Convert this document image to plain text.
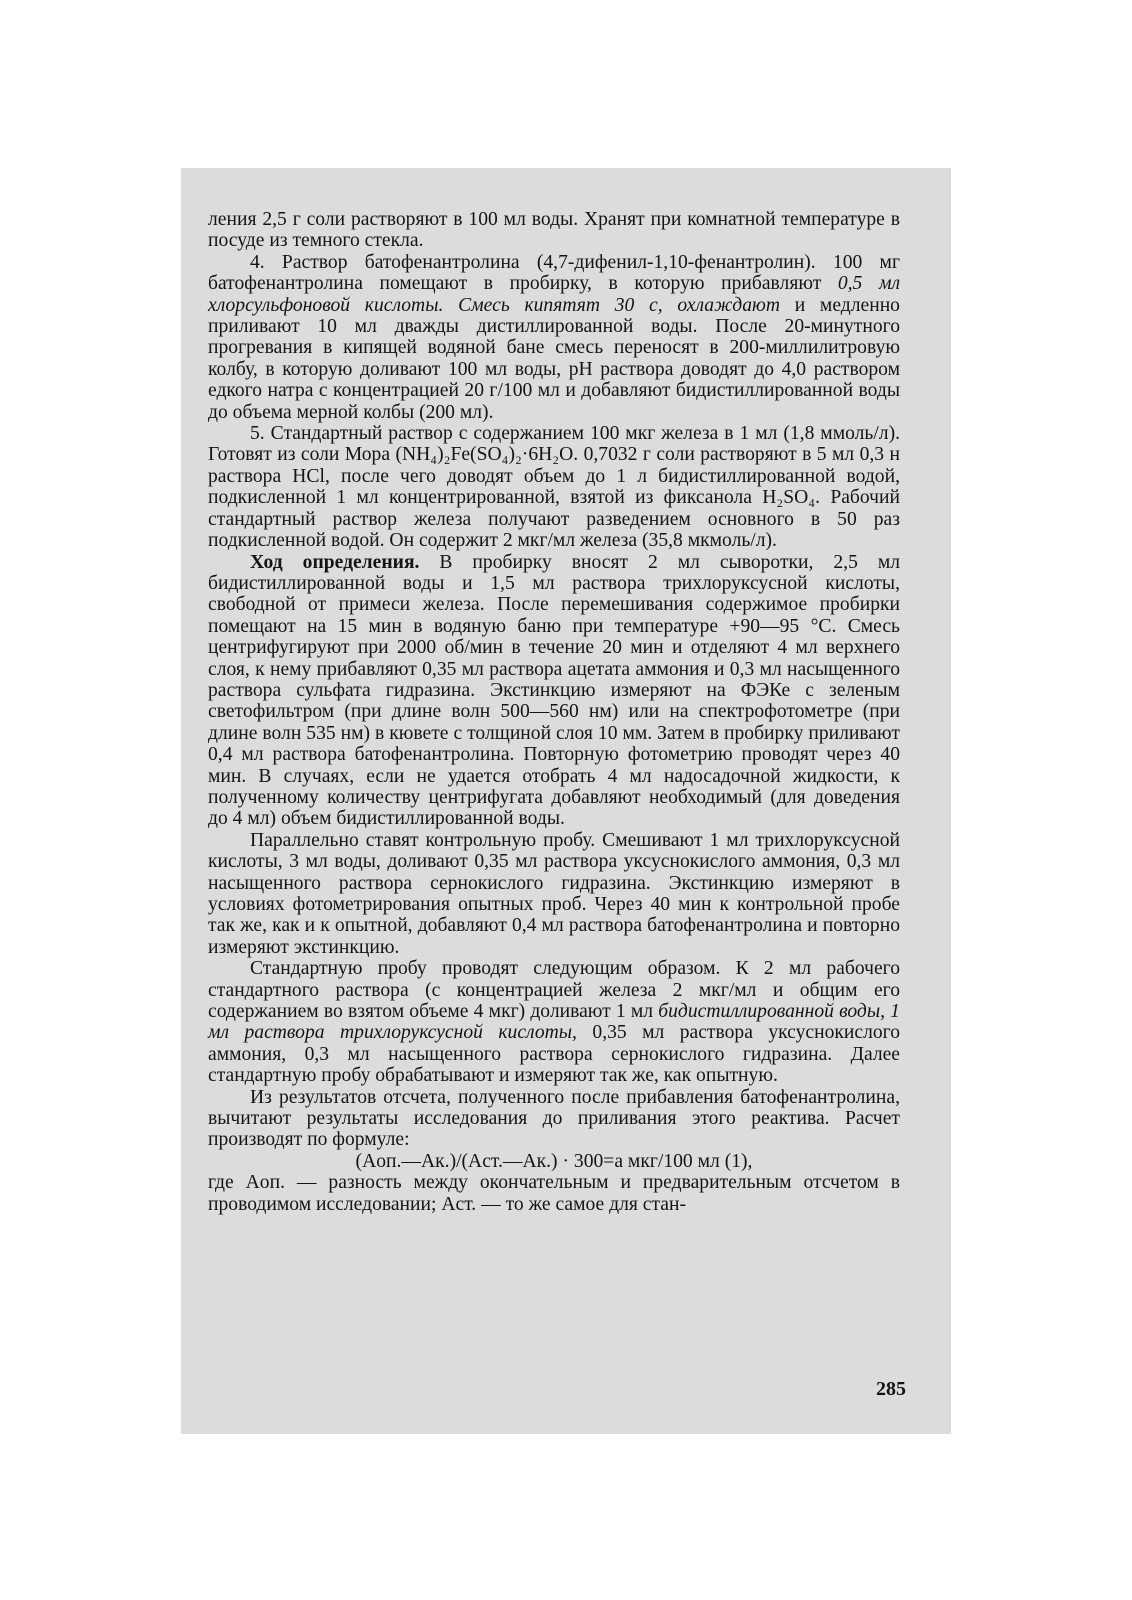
ления 2,5 г соли растворяют в 100 мл воды. Хранят при комнатной температуре в посуде из темного стекла.

4. Раствор батофенантролина (4,7-дифенил-1,10-фенантролин). 100 мг батофенантролина помещают в пробирку, в которую прибавляют 0,5 мл хлорсульфоновой кислоты. Смесь кипятят 30 с, охлаждают и медленно приливают 10 мл дважды дистиллированной воды. После 20-минутного прогревания в кипящей водяной бане смесь переносят в 200-миллилитровую колбу, в которую доливают 100 мл воды, рН раствора доводят до 4,0 раствором едкого натра с концентрацией 20 г/100 мл и добавляют бидистиллированной воды до объема мерной колбы (200 мл).

5. Стандартный раствор с содержанием 100 мкг железа в 1 мл (1,8 ммоль/л). Готовят из соли Мора (NH₄)₂Fe(SO₄)₂·6H₂O. 0,7032 г соли растворяют в 5 мл 0,3 н раствора HCl, после чего доводят объем до 1 л бидистиллированной водой, подкисленной 1 мл концентрированной, взятой из фиксанола H₂SO₄. Рабочий стандартный раствор железа получают разведением основного в 50 раз подкисленной водой. Он содержит 2 мкг/мл железа (35,8 мкмоль/л).

Ход определения. В пробирку вносят 2 мл сыворотки, 2,5 мл бидистиллированной воды и 1,5 мл раствора трихлоруксусной кислоты, свободной от примеси железа. После перемешивания содержимое пробирки помещают на 15 мин в водяную баню при температуре +90—95 °С. Смесь центрифугируют при 2000 об/мин в течение 20 мин и отделяют 4 мл верхнего слоя, к нему прибавляют 0,35 мл раствора ацетата аммония и 0,3 мл насыщенного раствора сульфата гидразина. Экстинкцию измеряют на ФЭКе с зеленым светофильтром (при длине волн 500—560 нм) или на спектрофотометре (при длине волн 535 нм) в кювете с толщиной слоя 10 мм. Затем в пробирку приливают 0,4 мл раствора батофенантролина. Повторную фотометрию проводят через 40 мин. В случаях, если не удается отобрать 4 мл надосадочной жидкости, к полученному количеству центрифугата добавляют необходимый (для доведения до 4 мл) объем бидистиллированной воды.

Параллельно ставят контрольную пробу. Смешивают 1 мл трихлоруксусной кислоты, 3 мл воды, доливают 0,35 мл раствора уксуснокислого аммония, 0,3 мл насыщенного раствора сернокислого гидразина. Экстинкцию измеряют в условиях фотометрирования опытных проб. Через 40 мин к контрольной пробе так же, как и к опытной, добавляют 0,4 мл раствора батофенантролина и повторно измеряют экстинкцию.

Стандартную пробу проводят следующим образом. К 2 мл рабочего стандартного раствора (с концентрацией железа 2 мкг/мл и общим его содержанием во взятом объеме 4 мкг) доливают 1 мл бидистиллированной воды, 1 мл раствора трихлоруксусной кислоты, 0,35 мл раствора уксуснокислого аммония, 0,3 мл насыщенного раствора сернокислого гидразина. Далее стандартную пробу обрабатывают и измеряют так же, как опытную.

Из результатов отсчета, полученного после прибавления батофенантролина, вычитают результаты исследования до приливания этого реактива. Расчет производят по формуле:

(Aоп.—Aк.)/(Aст.—Aк.) · 300=а мкг/100 мл (1),

где Aоп. — разность между окончательным и предварительным отсчетом в проводимом исследовании; Aст. — то же самое для стан-

285
